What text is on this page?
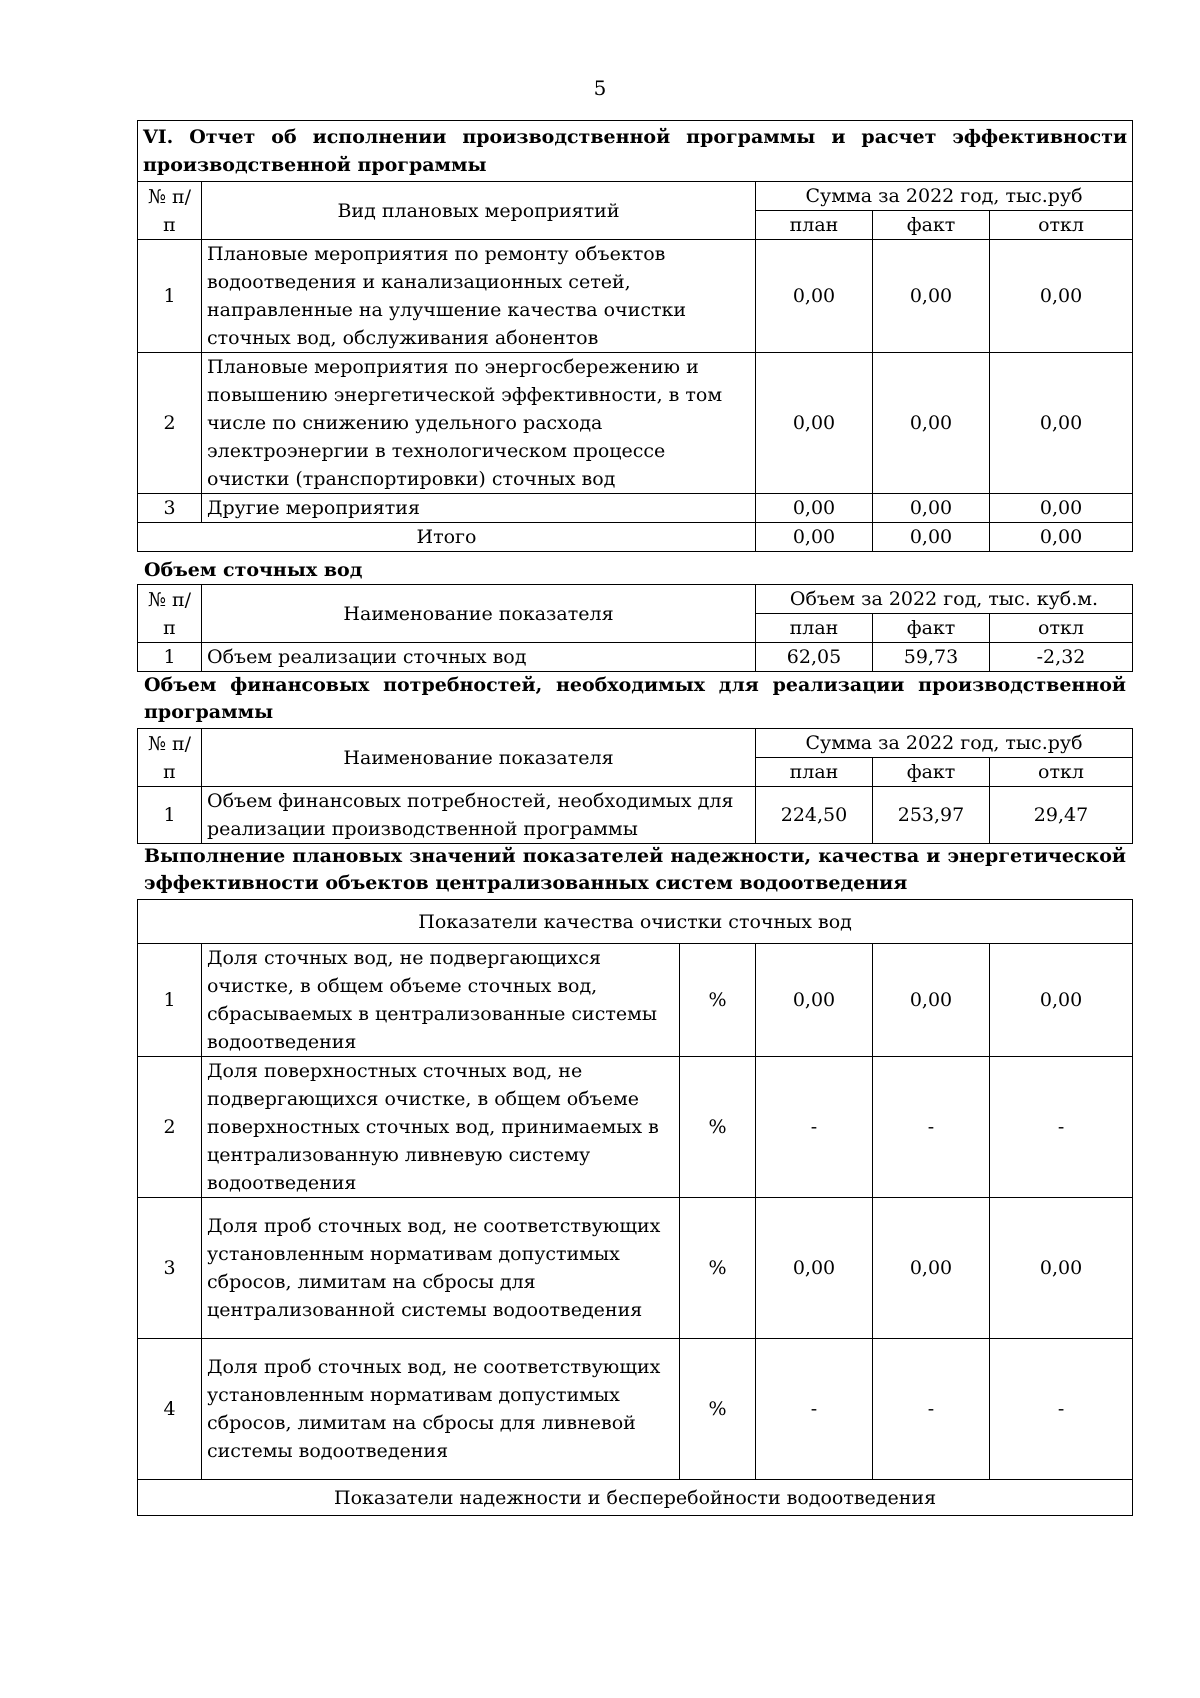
5
VI. Отчет об исполнении производственной программы и расчет эффективности производственной программы				
№ п/п	Вид плановых мероприятий	Сумма за 2022 год, тыс.руб		
		план	факт	откл
1	Плановые мероприятия по ремонту объектов водоотведения и канализационных сетей, направленные на улучшение качества очистки сточных вод, обслуживания абонентов	0,00	0,00	0,00
2	Плановые мероприятия по энергосбережению и повышению энергетической эффективности, в том числе по снижению удельного расхода электроэнергии в технологическом процессе очистки (транспортировки) сточных вод	0,00	0,00	0,00
3	Другие мероприятия	0,00	0,00	0,00
Итого		0,00	0,00	0,00
Объем сточных вод
№ п/п	Наименование показателя	Объем за 2022 год, тыс. куб.м.		
		план	факт	откл
1	Объем реализации сточных вод	62,05	59,73	-2,32
Объем финансовых потребностей, необходимых для реализации производственной программы
№ п/п	Наименование показателя	Сумма за 2022 год, тыс.руб		
		план	факт	откл
1	Объем финансовых потребностей, необходимых для реализации производственной программы	224,50	253,97	29,47
Выполнение плановых значений показателей надежности, качества и энергетической эффективности объектов централизованных систем водоотведения
Показатели качества очистки сточных вод					
1	Доля сточных вод, не подвергающихся очистке, в общем объеме сточных вод, сбрасываемых в централизованные системы водоотведения	%	0,00	0,00	0,00
2	Доля поверхностных сточных вод, не подвергающихся очистке, в общем объеме поверхностных сточных вод, принимаемых в централизованную ливневую систему водоотведения	%	-	-	-
3	Доля проб сточных вод, не соответствующих установленным нормативам допустимых сбросов, лимитам на сбросы для централизованной системы водоотведения	%	0,00	0,00	0,00
4	Доля проб сточных вод, не соответствующих установленным нормативам допустимых сбросов, лимитам на сбросы для ливневой системы водоотведения	%	-	-	-
Показатели надежности и бесперебойности водоотведения					
